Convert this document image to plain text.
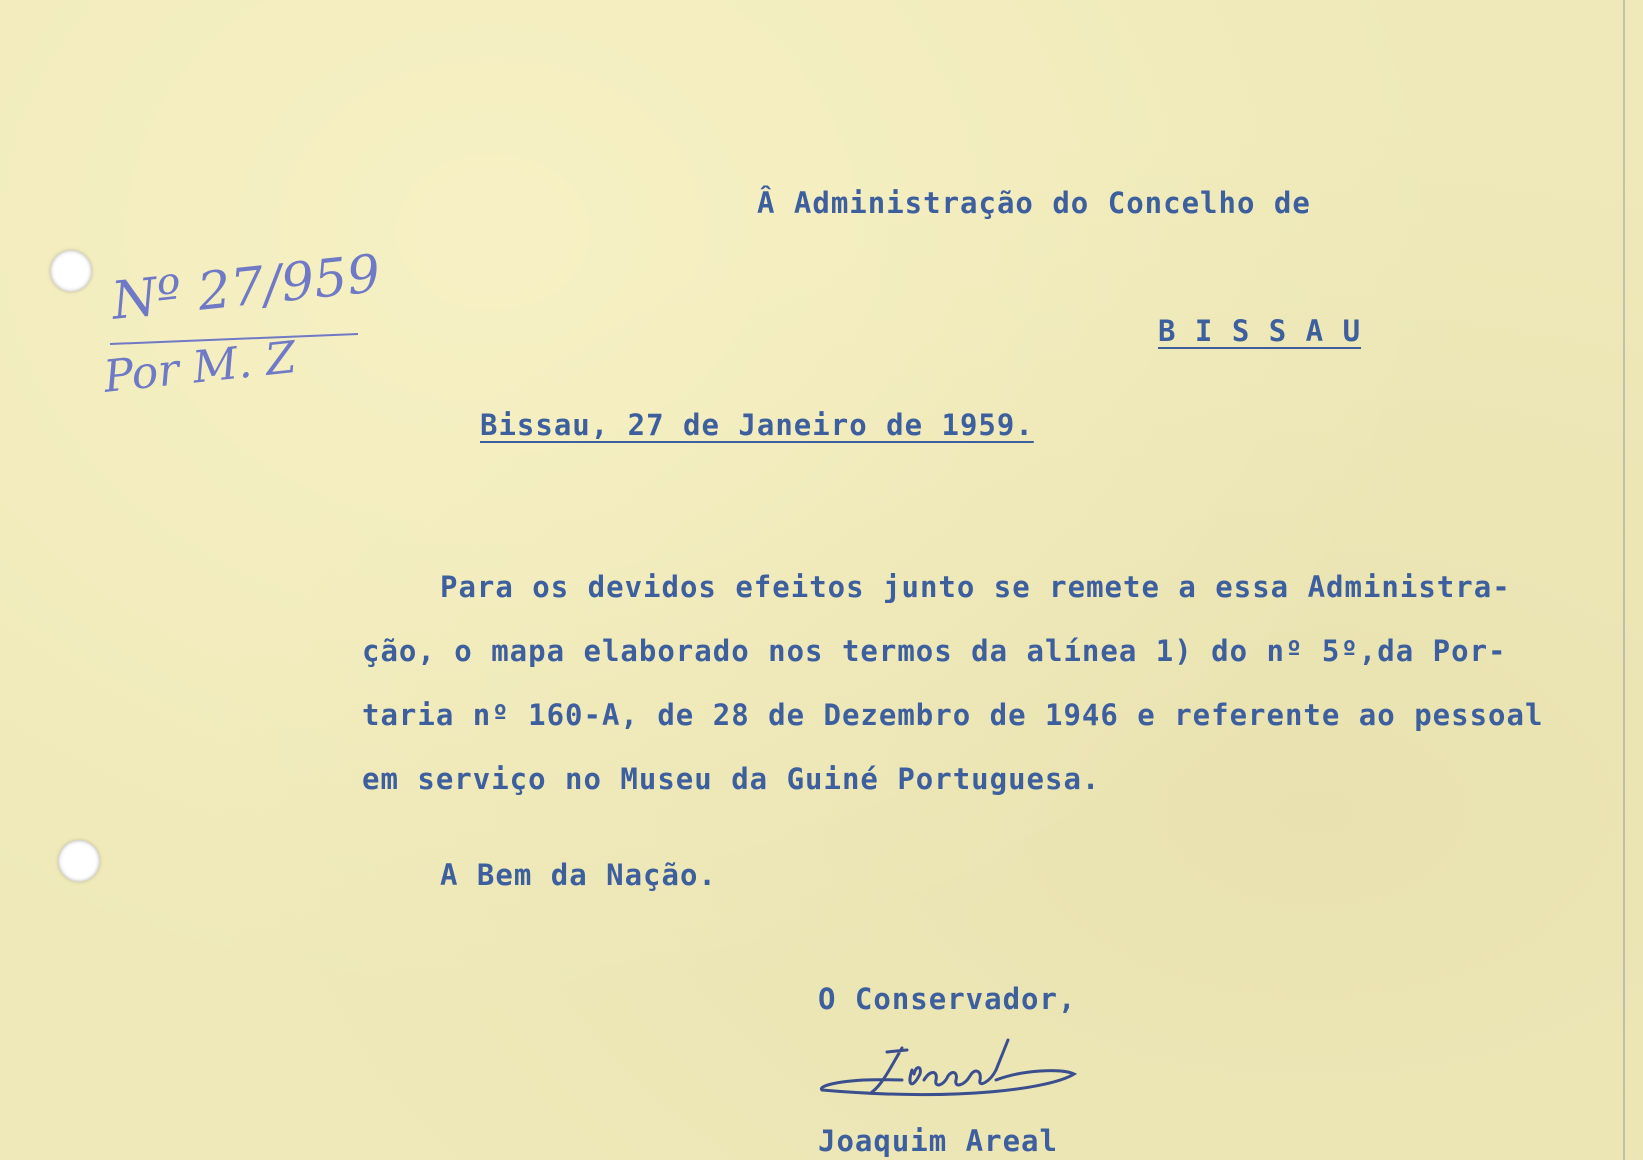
Nº 27/959

Por M. Z

Â Administração do Concelho de

B I S S A U

Bissau, 27 de Janeiro de 1959.

Para os devidos efeitos junto se remete a essa Administra-

ção, o mapa elaborado nos termos da alínea 1) do nº 5º,da Por-

taria nº 160-A, de 28 de Dezembro de 1946 e referente ao pessoal

em serviço no Museu da Guiné Portuguesa.

A Bem da Nação.

O Conservador,

Joaquim Areal
